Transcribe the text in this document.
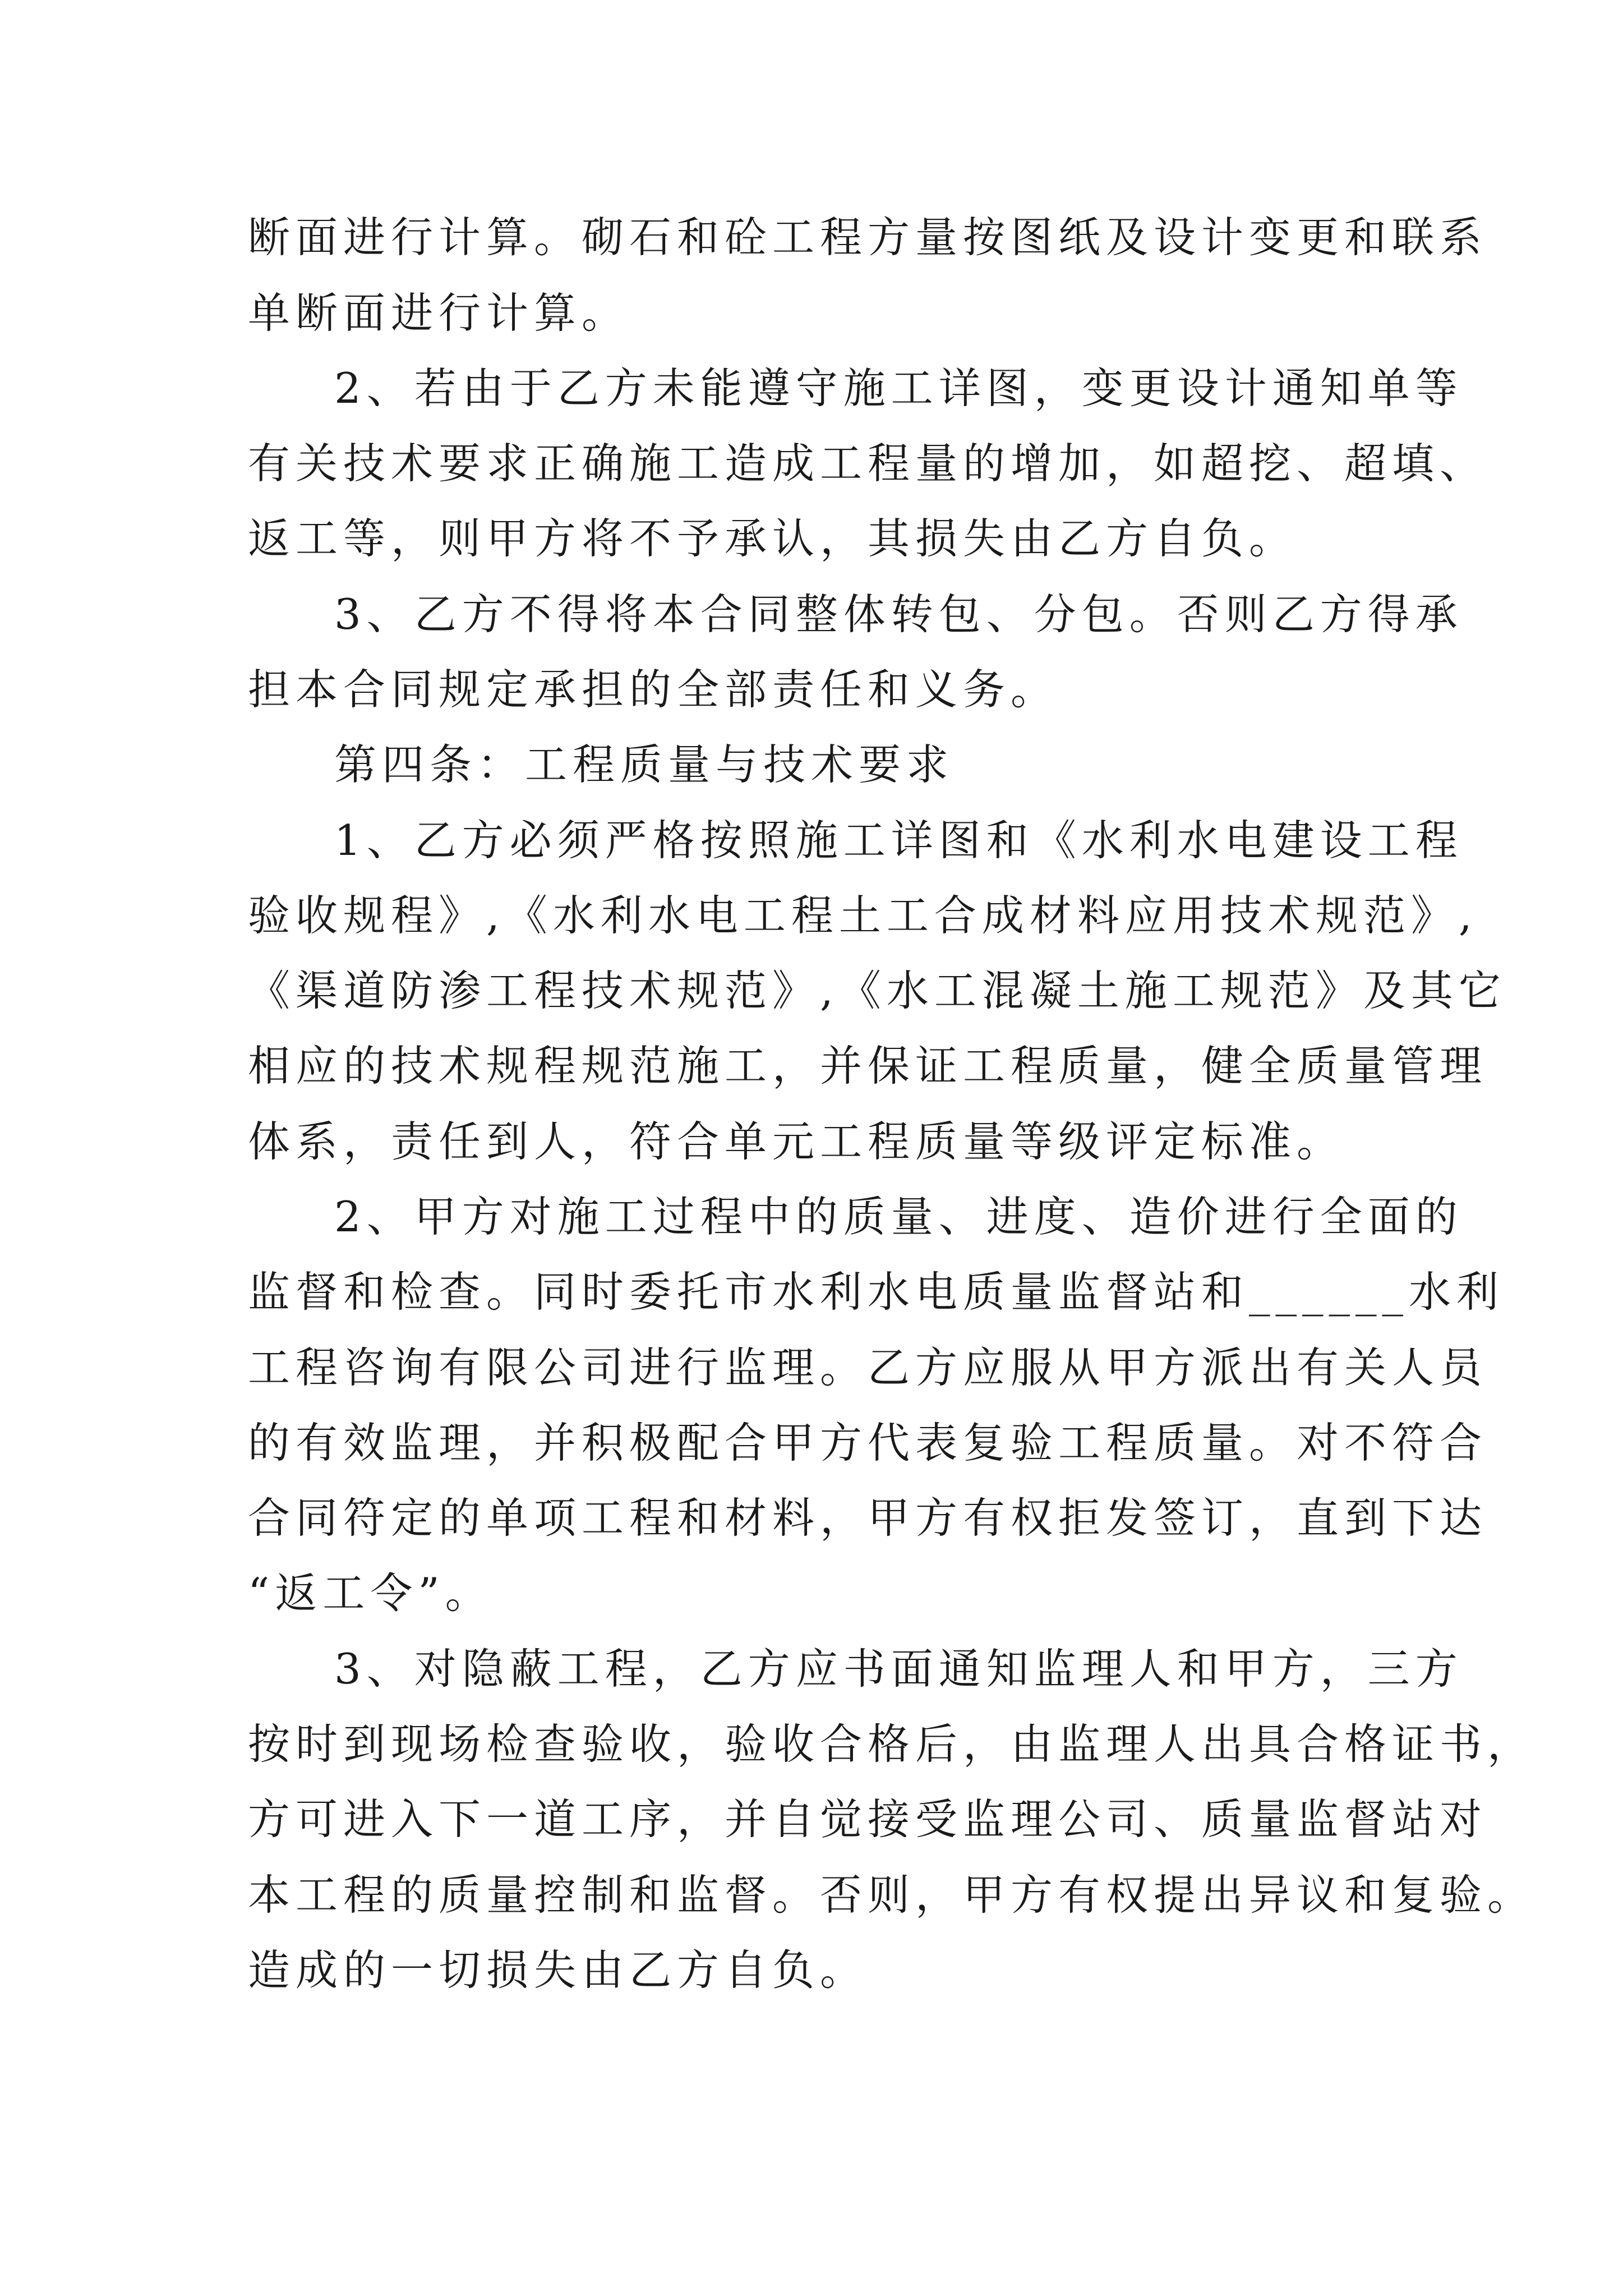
断面进行计算。砌石和砼工程方量按图纸及设计变更和联系
单断面进行计算。
2、若由于乙方未能遵守施工详图，变更设计通知单等
有关技术要求正确施工造成工程量的增加，如超挖、超填、
返工等，则甲方将不予承认，其损失由乙方自负。
3、乙方不得将本合同整体转包、分包。否则乙方得承
担本合同规定承担的全部责任和义务。
第四条：工程质量与技术要求
1、乙方必须严格按照施工详图和《水利水电建设工程
验收规程》,《水利水电工程土工合成材料应用技术规范》,
《渠道防渗工程技术规范》,《水工混凝土施工规范》及其它
相应的技术规程规范施工，并保证工程质量，健全质量管理
体系，责任到人，符合单元工程质量等级评定标准。
2、甲方对施工过程中的质量、进度、造价进行全面的
监督和检查。同时委托市水利水电质量监督站和______水利
工程咨询有限公司进行监理。乙方应服从甲方派出有关人员
的有效监理，并积极配合甲方代表复验工程质量。对不符合
合同符定的单项工程和材料，甲方有权拒发签订，直到下达
“返工令”。
3、对隐蔽工程，乙方应书面通知监理人和甲方，三方
按时到现场检查验收，验收合格后，由监理人出具合格证书，
方可进入下一道工序，并自觉接受监理公司、质量监督站对
本工程的质量控制和监督。否则，甲方有权提出异议和复验。
造成的一切损失由乙方自负。
